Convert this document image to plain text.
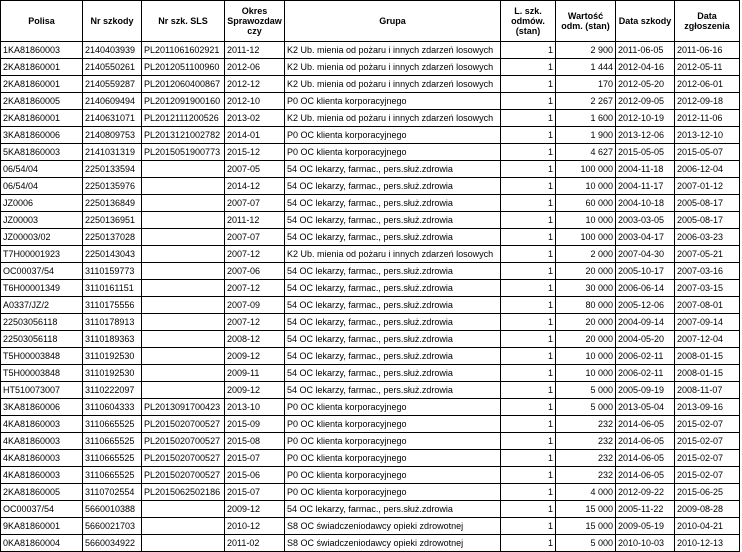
Polisa	Nr szkody	Nr szk. SLS	Okres Sprawozdaw czy	Grupa	L. szk. odmów. (stan)	Wartość odm. (stan)	Data szkody	Data zgłoszenia
1KA81860003	2140403939	PL2011061602921	2011-12	K2 Ub. mienia od pożaru i innych zdarzeń losowych	1	2 900	2011-06-05	2011-06-16
2KA81860001	2140550261	PL2012051100960	2012-06	K2 Ub. mienia od pożaru i innych zdarzeń losowych	1	1 444	2012-04-16	2012-05-11
2KA81860001	2140559287	PL2012060400867	2012-12	K2 Ub. mienia od pożaru i innych zdarzeń losowych	1	170	2012-05-20	2012-06-01
2KA81860005	2140609494	PL2012091900160	2012-10	P0 OC klienta korporacyjnego	1	2 267	2012-09-05	2012-09-18
2KA81860001	2140631071	PL2012111200526	2013-02	K2 Ub. mienia od pożaru i innych zdarzeń losowych	1	1 600	2012-10-19	2012-11-06
3KA81860006	2140809753	PL2013121002782	2014-01	P0 OC klienta korporacyjnego	1	1 900	2013-12-06	2013-12-10
5KA81860003	2141031319	PL2015051900773	2015-12	P0 OC klienta korporacyjnego	1	4 627	2015-05-05	2015-05-07
06/54/04	2250133594		2007-05	54 OC lekarzy, farmac., pers.służ.zdrowia	1	100 000	2004-11-18	2006-12-04
06/54/04	2250135976		2014-12	54 OC lekarzy, farmac., pers.służ.zdrowia	1	10 000	2004-11-17	2007-01-12
JZ0006	2250136849		2007-07	54 OC lekarzy, farmac., pers.służ.zdrowia	1	60 000	2004-10-18	2005-08-17
JZ00003	2250136951		2011-12	54 OC lekarzy, farmac., pers.służ.zdrowia	1	10 000	2003-03-05	2005-08-17
JZ00003/02	2250137028		2007-07	54 OC lekarzy, farmac., pers.służ.zdrowia	1	100 000	2003-04-17	2006-03-23
T7H00001923	2250143043		2007-12	K2 Ub. mienia od pożaru i innych zdarzeń losowych	1	2 000	2007-04-30	2007-05-21
OC00037/54	3110159773		2007-06	54 OC lekarzy, farmac., pers.służ.zdrowia	1	20 000	2005-10-17	2007-03-16
T6H00001349	3110161151		2007-12	54 OC lekarzy, farmac., pers.służ.zdrowia	1	30 000	2006-06-14	2007-03-15
A0337/JZ/2	3110175556		2007-09	54 OC lekarzy, farmac., pers.służ.zdrowia	1	80 000	2005-12-06	2007-08-01
22503056118	3110178913		2007-12	54 OC lekarzy, farmac., pers.służ.zdrowia	1	20 000	2004-09-14	2007-09-14
22503056118	3110189363		2008-12	54 OC lekarzy, farmac., pers.służ.zdrowia	1	20 000	2004-05-20	2007-12-04
T5H00003848	3110192530		2009-12	54 OC lekarzy, farmac., pers.służ.zdrowia	1	10 000	2006-02-11	2008-01-15
T5H00003848	3110192530		2009-11	54 OC lekarzy, farmac., pers.służ.zdrowia	1	10 000	2006-02-11	2008-01-15
HT510073007	3110222097		2009-12	54 OC lekarzy, farmac., pers.służ.zdrowia	1	5 000	2005-09-19	2008-11-07
3KA81860006	3110604333	PL2013091700423	2013-10	P0 OC klienta korporacyjnego	1	5 000	2013-05-04	2013-09-16
4KA81860003	3110665525	PL2015020700527	2015-09	P0 OC klienta korporacyjnego	1	232	2014-06-05	2015-02-07
4KA81860003	3110665525	PL2015020700527	2015-08	P0 OC klienta korporacyjnego	1	232	2014-06-05	2015-02-07
4KA81860003	3110665525	PL2015020700527	2015-07	P0 OC klienta korporacyjnego	1	232	2014-06-05	2015-02-07
4KA81860003	3110665525	PL2015020700527	2015-06	P0 OC klienta korporacyjnego	1	232	2014-06-05	2015-02-07
2KA81860005	3110702554	PL2015062502186	2015-07	P0 OC klienta korporacyjnego	1	4 000	2012-09-22	2015-06-25
OC00037/54	5660010388		2009-12	54 OC lekarzy, farmac., pers.służ.zdrowia	1	15 000	2005-11-22	2009-08-28
9KA81860001	5660021703		2010-12	S8 OC świadczeniodawcy opieki zdrowotnej	1	15 000	2009-05-19	2010-04-21
0KA81860004	5660034922		2011-02	S8 OC świadczeniodawcy opieki zdrowotnej	1	5 000	2010-10-03	2010-12-13
